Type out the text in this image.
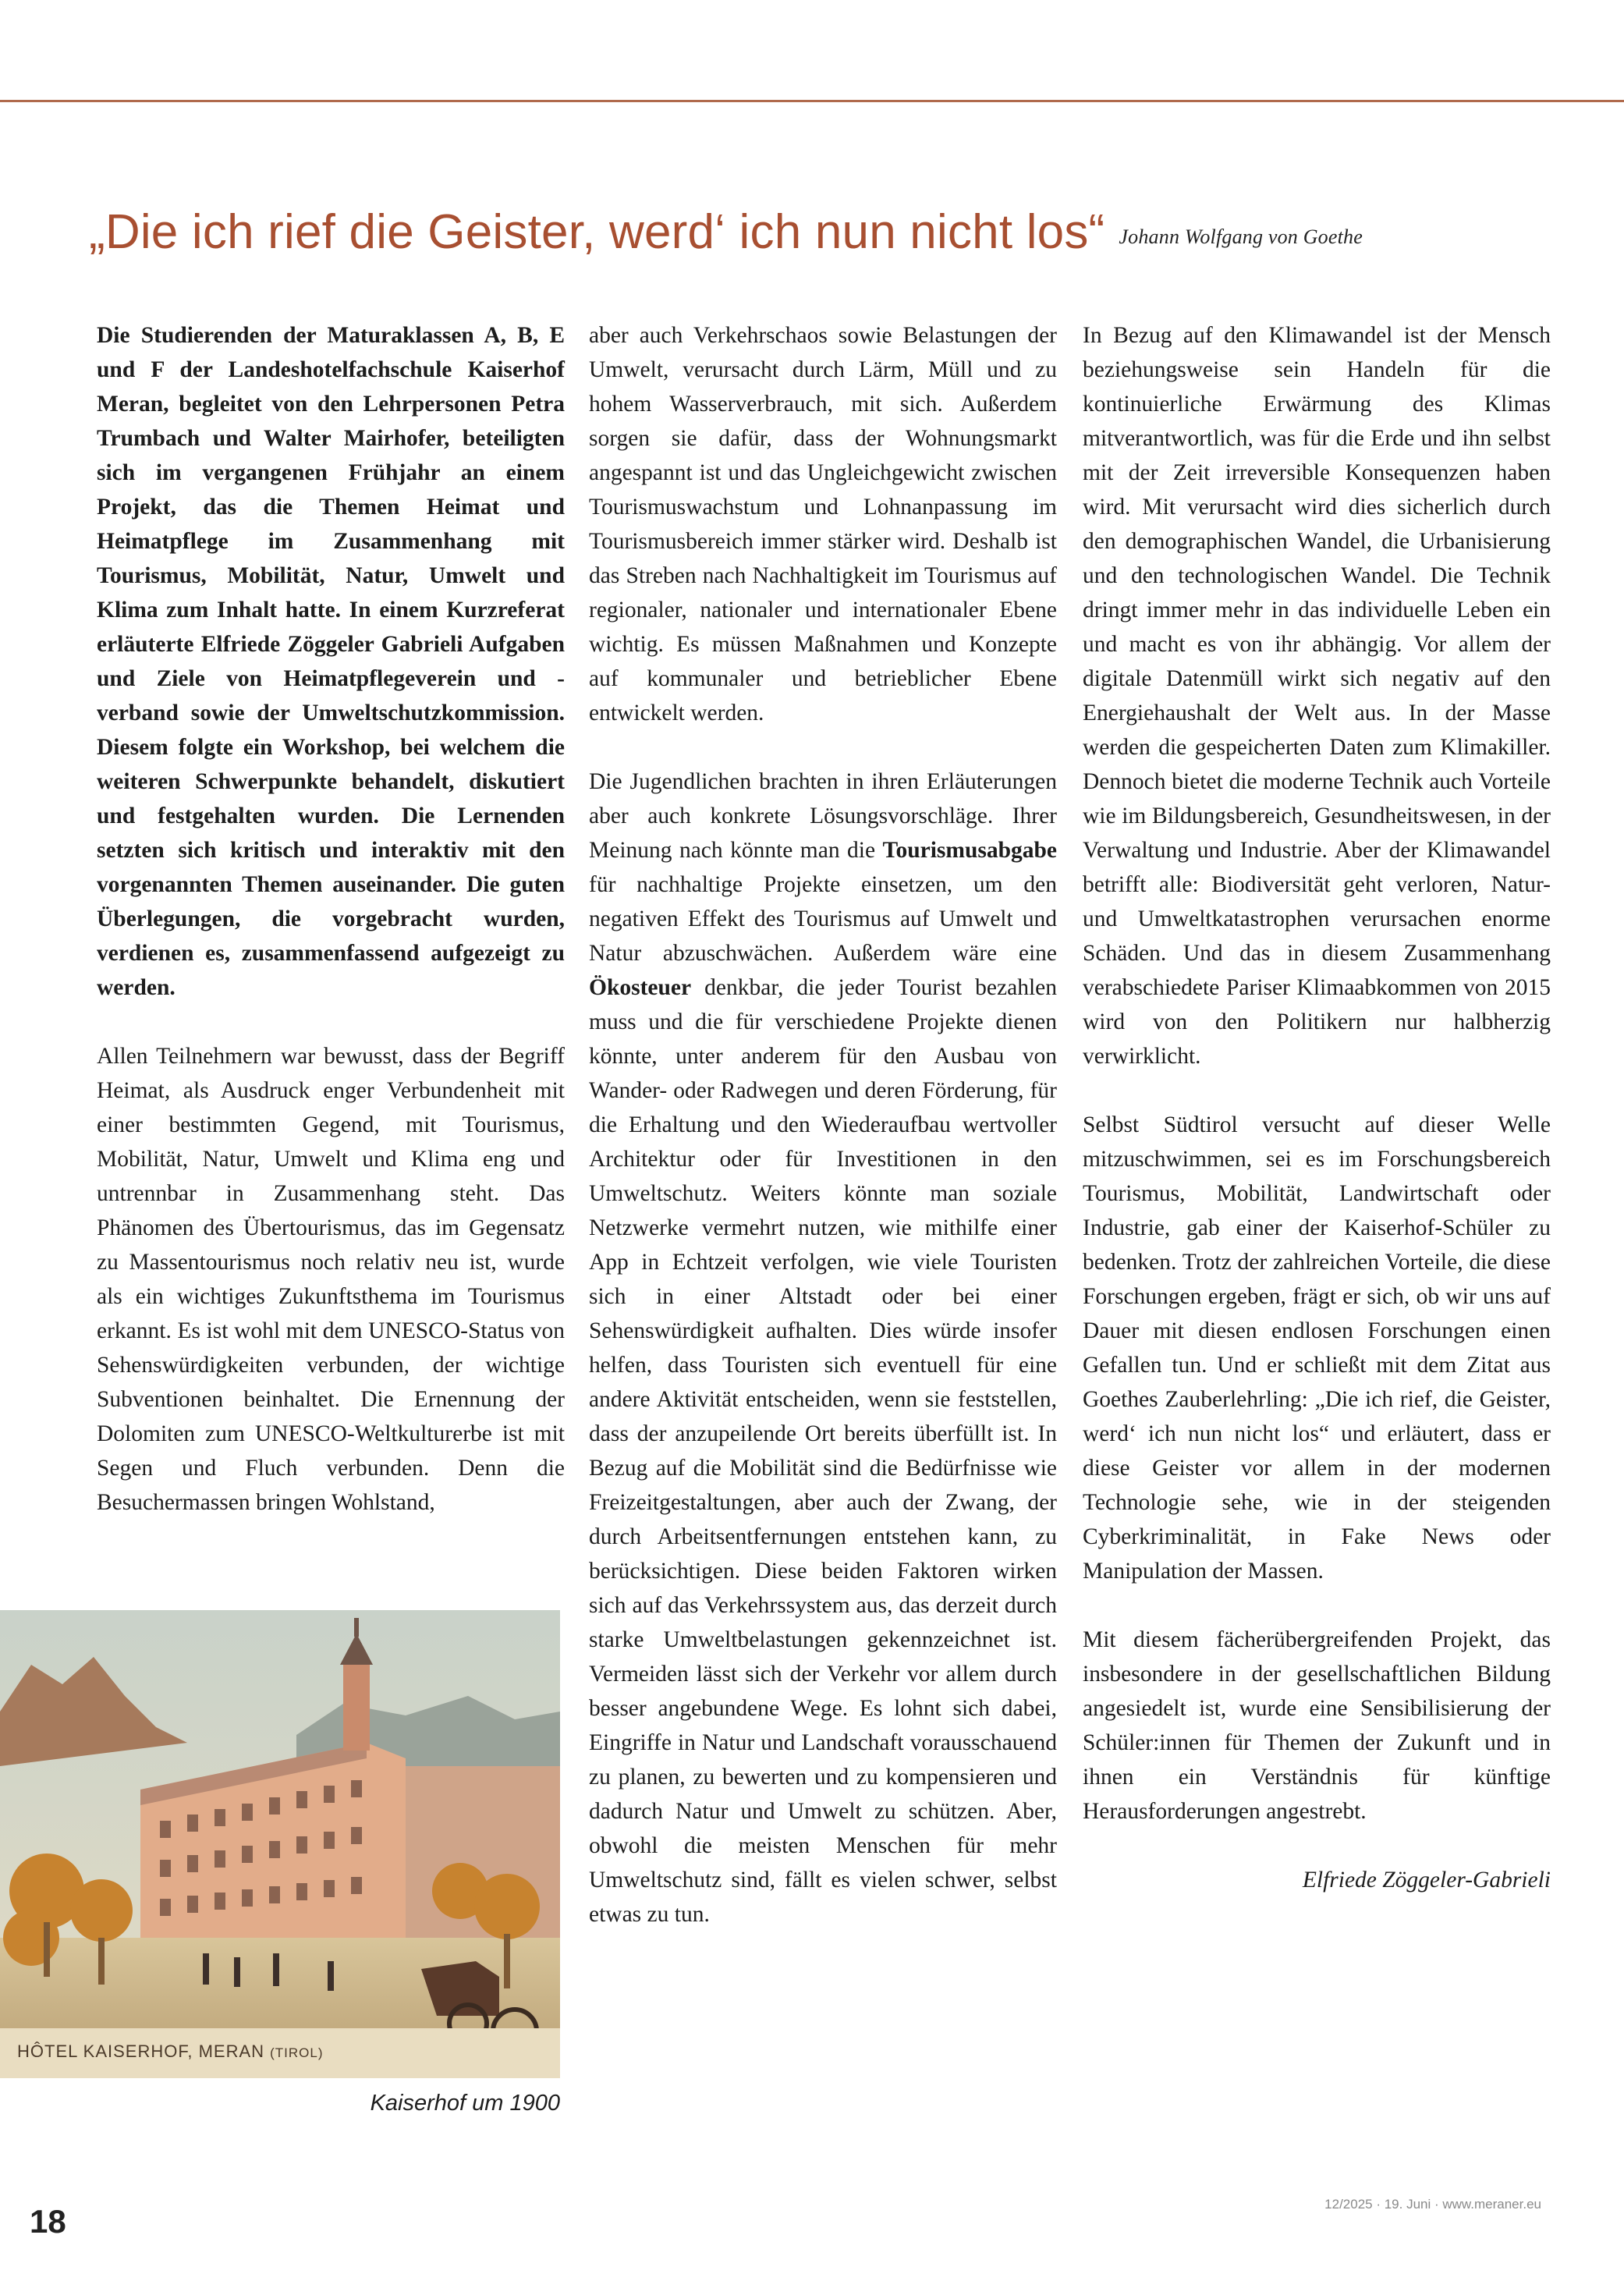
„Die ich rief die Geister, werd‘ ich nun nicht los“ Johann Wolfgang von Goethe

Die Studierenden der Maturaklassen A, B, E und F der Landeshotelfachschule Kaiserhof Meran, begleitet von den Lehrpersonen Petra Trumbach und Walter Mairhofer, beteiligten sich im vergangenen Frühjahr an einem Projekt, das die Themen Heimat und Heimatpflege im Zusammenhang mit Tourismus, Mobilität, Natur, Umwelt und Klima zum Inhalt hatte. In einem Kurzreferat erläuterte Elfriede Zöggeler Gabrieli Aufgaben und Ziele von Heimatpflegeverein und -verband sowie der Umweltschutzkommission. Diesem folgte ein Workshop, bei welchem die weiteren Schwerpunkte behandelt, diskutiert und festgehalten wurden. Die Lernenden setzten sich kritisch und interaktiv mit den vorgenannten Themen auseinander. Die guten Überlegungen, die vorgebracht wurden, verdienen es, zusammenfassend aufgezeigt zu werden.

Allen Teilnehmern war bewusst, dass der Begriff Heimat, als Ausdruck enger Verbundenheit mit einer bestimmten Gegend, mit Tourismus, Mobilität, Natur, Umwelt und Klima eng und untrennbar in Zusammenhang steht. Das Phänomen des Übertourismus, das im Gegensatz zu Massentourismus noch relativ neu ist, wurde als ein wichtiges Zukunftsthema im Tourismus erkannt. Es ist wohl mit dem UNESCO-Status von Sehenswürdigkeiten verbunden, der wichtige Subventionen beinhaltet. Die Ernennung der Dolomiten zum UNESCO-Weltkulturerbe ist mit Segen und Fluch verbunden. Denn die Besuchermassen bringen Wohlstand,

aber auch Verkehrschaos sowie Belastungen der Umwelt, verursacht durch Lärm, Müll und zu hohem Wasserverbrauch, mit sich. Außerdem sorgen sie dafür, dass der Wohnungsmarkt angespannt ist und das Ungleichgewicht zwischen Tourismuswachstum und Lohnanpassung im Tourismusbereich immer stärker wird. Deshalb ist das Streben nach Nachhaltigkeit im Tourismus auf regionaler, nationaler und internationaler Ebene wichtig. Es müssen Maßnahmen und Konzepte auf kommunaler und betrieblicher Ebene entwickelt werden.

Die Jugendlichen brachten in ihren Erläuterungen aber auch konkrete Lösungsvorschläge. Ihrer Meinung nach könnte man die Tourismusabgabe für nachhaltige Projekte einsetzen, um den negativen Effekt des Tourismus auf Umwelt und Natur abzuschwächen. Außerdem wäre eine Ökosteuer denkbar, die jeder Tourist bezahlen muss und die für verschiedene Projekte dienen könnte, unter anderem für den Ausbau von Wander- oder Radwegen und deren Förderung, für die Erhaltung und den Wiederaufbau wertvoller Architektur oder für Investitionen in den Umweltschutz. Weiters könnte man soziale Netzwerke vermehrt nutzen, wie mithilfe einer App in Echtzeit verfolgen, wie viele Touristen sich in einer Altstadt oder bei einer Sehenswürdigkeit aufhalten. Dies würde insofer helfen, dass Touristen sich eventuell für eine andere Aktivität entscheiden, wenn sie feststellen, dass der anzupeilende Ort bereits überfüllt ist. In Bezug auf die Mobilität sind die Bedürfnisse wie Freizeitgestaltungen, aber auch der Zwang, der durch Arbeitsentfernungen entstehen kann, zu berücksichtigen. Diese beiden Faktoren wirken sich auf das Verkehrssystem aus, das derzeit durch starke Umweltbelastungen gekennzeichnet ist. Vermeiden lässt sich der Verkehr vor allem durch besser angebundene Wege. Es lohnt sich dabei, Eingriffe in Natur und Landschaft vorausschauend zu planen, zu bewerten und zu kompensieren und dadurch Natur und Umwelt zu schützen. Aber, obwohl die meisten Menschen für mehr Umweltschutz sind, fällt es vielen schwer, selbst etwas zu tun.

In Bezug auf den Klimawandel ist der Mensch beziehungsweise sein Handeln für die kontinuierliche Erwärmung des Klimas mitverantwortlich, was für die Erde und ihn selbst mit der Zeit irreversible Konsequenzen haben wird. Mit verursacht wird dies sicherlich durch den demographischen Wandel, die Urbanisierung und den technologischen Wandel. Die Technik dringt immer mehr in das individuelle Leben ein und macht es von ihr abhängig. Vor allem der digitale Datenmüll wirkt sich negativ auf den Energiehaushalt der Welt aus. In der Masse werden die gespeicherten Daten zum Klimakiller. Dennoch bietet die moderne Technik auch Vorteile wie im Bildungsbereich, Gesundheitswesen, in der Verwaltung und Industrie. Aber der Klimawandel betrifft alle: Biodiversität geht verloren, Natur- und Umweltkatastrophen verursachen enorme Schäden. Und das in diesem Zusammenhang verabschiedete Pariser Klimaabkommen von 2015 wird von den Politikern nur halbherzig verwirklicht.

Selbst Südtirol versucht auf dieser Welle mitzuschwimmen, sei es im Forschungsbereich Tourismus, Mobilität, Landwirtschaft oder Industrie, gab einer der Kaiserhof-Schüler zu bedenken. Trotz der zahlreichen Vorteile, die diese Forschungen ergeben, frägt er sich, ob wir uns auf Dauer mit diesen endlosen Forschungen einen Gefallen tun. Und er schließt mit dem Zitat aus Goethes Zauberlehrling: „Die ich rief, die Geister, werd‘ ich nun nicht los“ und erläutert, dass er diese Geister vor allem in der modernen Technologie sehe, wie in der steigenden Cyberkriminalität, in Fake News oder Manipulation der Massen.

Mit diesem fächerübergreifenden Projekt, das insbesondere in der gesellschaftlichen Bildung angesiedelt ist, wurde eine Sensibilisierung der Schüler:innen für Themen der Zukunft und in ihnen ein Verständnis für künftige Herausforderungen angestrebt.

Elfriede Zöggeler-Gabrieli
HÔTEL KAISERHOF, MERAN (TIROL)
Kaiserhof um 1900
18	12/2025 · 19. Juni · www.meraner.eu
